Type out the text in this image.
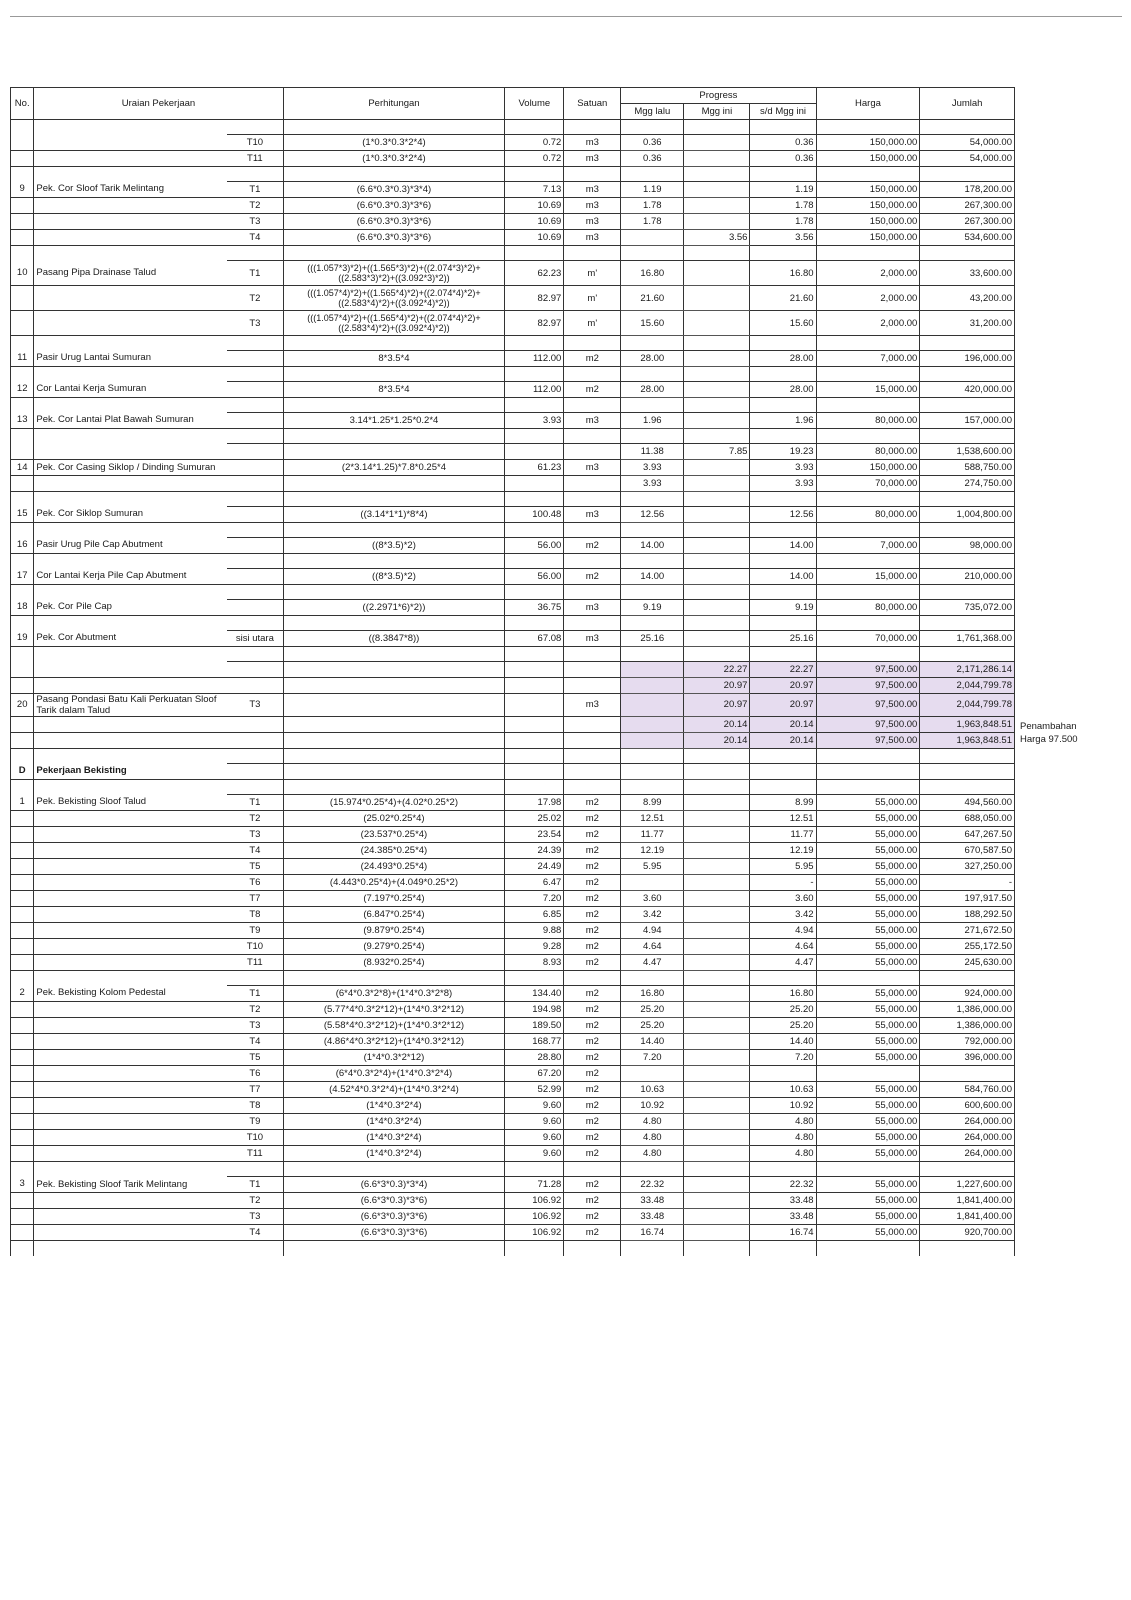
No.	Uraian Pekerjaan		Perhitungan	Volume	Satuan	Progress			Harga	Jumlah
						Mgg lalu	Mgg ini	s/d Mgg ini		

		T10	(1*0.3*0.3*2*4)	0.72	m3	0.36		0.36	150,000.00	54,000.00
		T11	(1*0.3*0.3*2*4)	0.72	m3	0.36		0.36	150,000.00	54,000.00

9	Pek. Cor Sloof Tarik Melintang	T1	(6.6*0.3*0.3)*3*4)	7.13	m3	1.19		1.19	150,000.00	178,200.00
		T2	(6.6*0.3*0.3)*3*6)	10.69	m3	1.78		1.78	150,000.00	267,300.00
		T3	(6.6*0.3*0.3)*3*6)	10.69	m3	1.78		1.78	150,000.00	267,300.00
		T4	(6.6*0.3*0.3)*3*6)	10.69	m3		3.56	3.56	150,000.00	534,600.00

10	Pasang Pipa Drainase Talud	T1	(((1.057*3)*2)+((1.565*3)*2)+((2.074*3)*2)+((2.583*3)*2)+((3.092*3)*2))	62.23	m'	16.80		16.80	2,000.00	33,600.00
		T2	(((1.057*4)*2)+((1.565*4)*2)+((2.074*4)*2)+((2.583*4)*2)+((3.092*4)*2))	82.97	m'	21.60		21.60	2,000.00	43,200.00
		T3	(((1.057*4)*2)+((1.565*4)*2)+((2.074*4)*2)+((2.583*4)*2)+((3.092*4)*2))	82.97	m'	15.60		15.60	2,000.00	31,200.00

11	Pasir Urug Lantai Sumuran		8*3.5*4	112.00	m2	28.00		28.00	7,000.00	196,000.00

12	Cor Lantai Kerja Sumuran		8*3.5*4	112.00	m2	28.00		28.00	15,000.00	420,000.00

13	Pek. Cor Lantai Plat Bawah Sumuran		3.14*1.25*1.25*0.2*4	3.93	m3	1.96		1.96	80,000.00	157,000.00

						11.38	7.85	19.23	80,000.00	1,538,600.00
14	Pek. Cor Casing Siklop / Dinding Sumuran		(2*3.14*1.25)*7.8*0.25*4	61.23	m3	3.93		3.93	150,000.00	588,750.00
						3.93		3.93	70,000.00	274,750.00

15	Pek. Cor Siklop Sumuran		((3.14*1*1)*8*4)	100.48	m3	12.56		12.56	80,000.00	1,004,800.00

16	Pasir Urug Pile Cap Abutment		((8*3.5)*2)	56.00	m2	14.00		14.00	7,000.00	98,000.00

17	Cor Lantai Kerja Pile Cap Abutment		((8*3.5)*2)	56.00	m2	14.00		14.00	15,000.00	210,000.00

18	Pek. Cor Pile Cap		((2.2971*6)*2))	36.75	m3	9.19		9.19	80,000.00	735,072.00

19	Pek. Cor Abutment	sisi utara	((8.3847*8))	67.08	m3	25.16		25.16	70,000.00	1,761,368.00

							22.27	22.27	97,500.00	2,171,286.14
							20.97	20.97	97,500.00	2,044,799.78
20	Pasang Pondasi Batu Kali Perkuatan Sloof Tarik dalam Talud	T3			m3		20.97	20.97	97,500.00	2,044,799.78
							20.14	20.14	97,500.00	1,963,848.51
							20.14	20.14	97,500.00	1,963,848.51

D	Pekerjaan Bekisting									

1	Pek. Bekisting Sloof Talud	T1	(15.974*0.25*4)+(4.02*0.25*2)	17.98	m2	8.99		8.99	55,000.00	494,560.00
		T2	(25.02*0.25*4)	25.02	m2	12.51		12.51	55,000.00	688,050.00
		T3	(23.537*0.25*4)	23.54	m2	11.77		11.77	55,000.00	647,267.50
		T4	(24.385*0.25*4)	24.39	m2	12.19		12.19	55,000.00	670,587.50
		T5	(24.493*0.25*4)	24.49	m2	5.95		5.95	55,000.00	327,250.00
		T6	(4.443*0.25*4)+(4.049*0.25*2)	6.47	m2			-	55,000.00	-
		T7	(7.197*0.25*4)	7.20	m2	3.60		3.60	55,000.00	197,917.50
		T8	(6.847*0.25*4)	6.85	m2	3.42		3.42	55,000.00	188,292.50
		T9	(9.879*0.25*4)	9.88	m2	4.94		4.94	55,000.00	271,672.50
		T10	(9.279*0.25*4)	9.28	m2	4.64		4.64	55,000.00	255,172.50
		T11	(8.932*0.25*4)	8.93	m2	4.47		4.47	55,000.00	245,630.00

2	Pek. Bekisting Kolom Pedestal	T1	(6*4*0.3*2*8)+(1*4*0.3*2*8)	134.40	m2	16.80		16.80	55,000.00	924,000.00
		T2	(5.77*4*0.3*2*12)+(1*4*0.3*2*12)	194.98	m2	25.20		25.20	55,000.00	1,386,000.00
		T3	(5.58*4*0.3*2*12)+(1*4*0.3*2*12)	189.50	m2	25.20		25.20	55,000.00	1,386,000.00
		T4	(4.86*4*0.3*2*12)+(1*4*0.3*2*12)	168.77	m2	14.40		14.40	55,000.00	792,000.00
		T5	(1*4*0.3*2*12)	28.80	m2	7.20		7.20	55,000.00	396,000.00
		T6	(6*4*0.3*2*4)+(1*4*0.3*2*4)	67.20	m2					
		T7	(4.52*4*0.3*2*4)+(1*4*0.3*2*4)	52.99	m2	10.63		10.63	55,000.00	584,760.00
		T8	(1*4*0.3*2*4)	9.60	m2	10.92		10.92	55,000.00	600,600.00
		T9	(1*4*0.3*2*4)	9.60	m2	4.80		4.80	55,000.00	264,000.00
		T10	(1*4*0.3*2*4)	9.60	m2	4.80		4.80	55,000.00	264,000.00
		T11	(1*4*0.3*2*4)	9.60	m2	4.80		4.80	55,000.00	264,000.00

3	Pek. Bekisting Sloof Tarik Melintang	T1	(6.6*3*0.3)*3*4)	71.28	m2	22.32		22.32	55,000.00	1,227,600.00
		T2	(6.6*3*0.3)*3*6)	106.92	m2	33.48		33.48	55,000.00	1,841,400.00
		T3	(6.6*3*0.3)*3*6)	106.92	m2	33.48		33.48	55,000.00	1,841,400.00
		T4	(6.6*3*0.3)*3*6)	106.92	m2	16.74		16.74	55,000.00	920,700.00

Penambahan
Harga 97.500
